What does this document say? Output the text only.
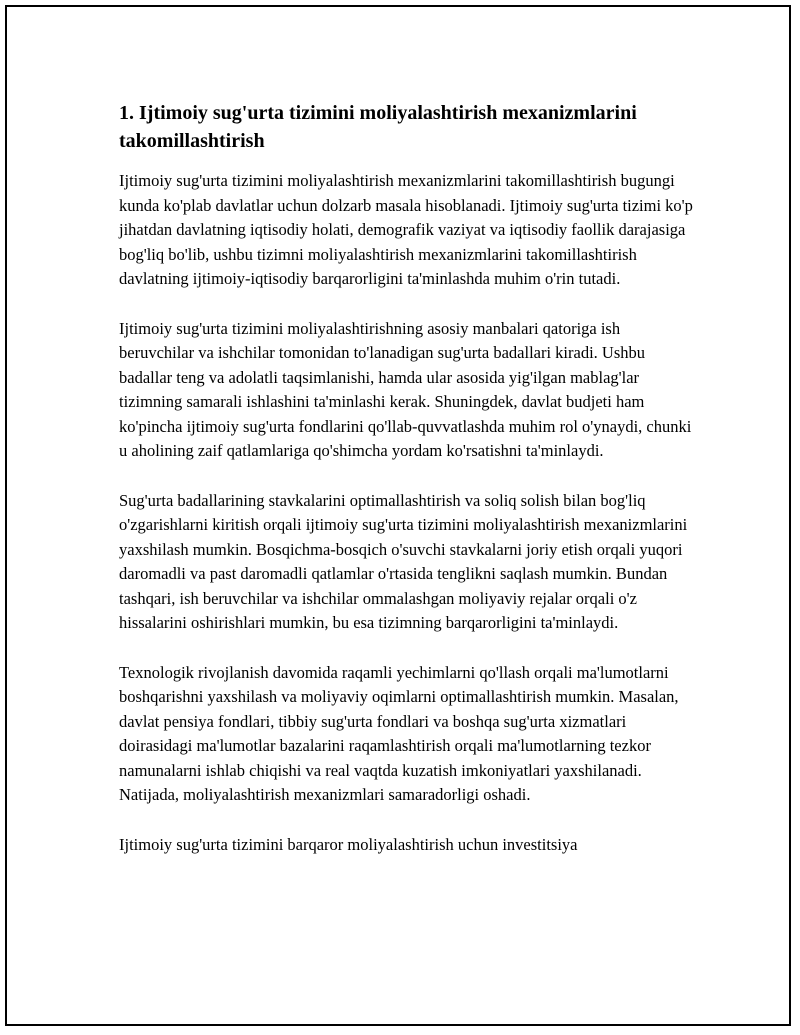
1. Ijtimoiy sug'urta tizimini moliyalashtirish mexanizmlarini takomillashtirish

Ijtimoiy sug'urta tizimini moliyalashtirish mexanizmlarini takomillashtirish bugungi kunda ko'plab davlatlar uchun dolzarb masala hisoblanadi. Ijtimoiy sug'urta tizimi ko'p jihatdan davlatning iqtisodiy holati, demografik vaziyat va iqtisodiy faollik darajasiga bog'liq bo'lib, ushbu tizimni moliyalashtirish mexanizmlarini takomillashtirish davlatning ijtimoiy-iqtisodiy barqarorligini ta'minlashda muhim o'rin tutadi.

Ijtimoiy sug'urta tizimini moliyalashtirishning asosiy manbalari qatoriga ish beruvchilar va ishchilar tomonidan to'lanadigan sug'urta badallari kiradi. Ushbu badallar teng va adolatli taqsimlanishi, hamda ular asosida yig'ilgan mablag'lar tizimning samarali ishlashini ta'minlashi kerak. Shuningdek, davlat budjeti ham ko'pincha ijtimoiy sug'urta fondlarini qo'llab-quvvatlashda muhim rol o'ynaydi, chunki u aholining zaif qatlamlariga qo'shimcha yordam ko'rsatishni ta'minlaydi.

Sug'urta badallarining stavkalarini optimallashtirish va soliq solish bilan bog'liq o'zgarishlarni kiritish orqali ijtimoiy sug'urta tizimini moliyalashtirish mexanizmlarini yaxshilash mumkin. Bosqichma-bosqich o'suvchi stavkalarni joriy etish orqali yuqori daromadli va past daromadli qatlamlar o'rtasida tenglikni saqlash mumkin. Bundan tashqari, ish beruvchilar va ishchilar ommalashgan moliyaviy rejalar orqali o'z hissalarini oshirishlari mumkin, bu esa tizimning barqarorligini ta'minlaydi.

Texnologik rivojlanish davomida raqamli yechimlarni qo'llash orqali ma'lumotlarni boshqarishni yaxshilash va moliyaviy oqimlarni optimallashtirish mumkin. Masalan, davlat pensiya fondlari, tibbiy sug'urta fondlari va boshqa sug'urta xizmatlari doirasidagi ma'lumotlar bazalarini raqamlashtirish orqali ma'lumotlarning tezkor namunalarni ishlab chiqishi va real vaqtda kuzatish imkoniyatlari yaxshilanadi. Natijada, moliyalashtirish mexanizmlari samaradorligi oshadi.

Ijtimoiy sug'urta tizimini barqaror moliyalashtirish uchun investitsiya
